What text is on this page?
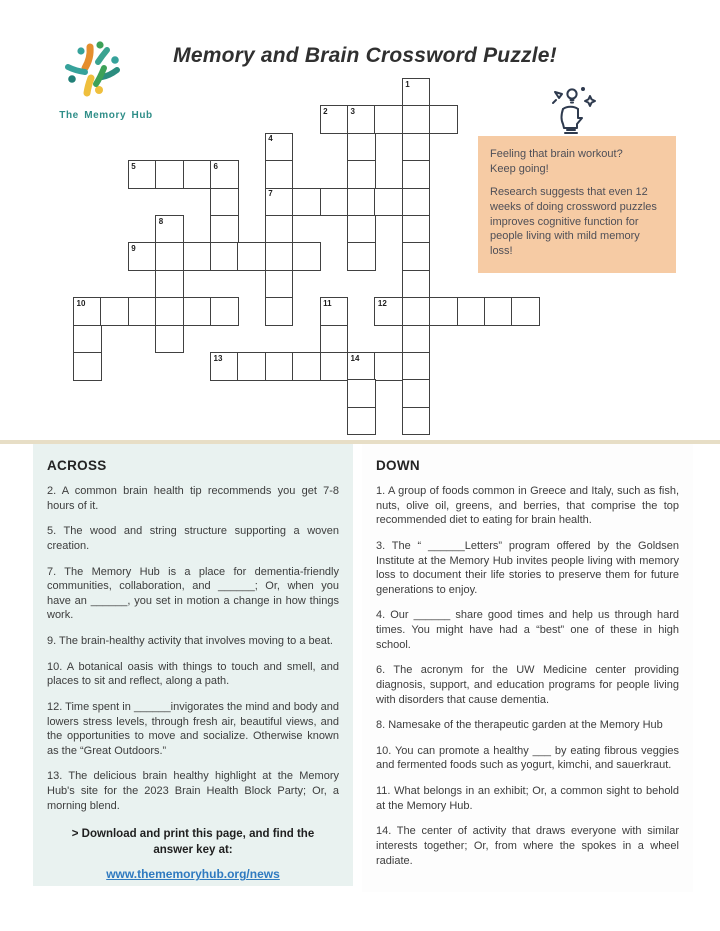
The Memory Hub
Memory and Brain Crossword Puzzle!
1
2	3
4
5	6
7
8
9
10	11	12
13	14

Feeling that brain workout?

Keep going!

Research suggests that even 12 weeks of doing crossword puzzles improves cognitive function for people living with mild memory loss!

ACROSS

2. A common brain health tip recommends you get 7-8 hours of it.

5. The wood and string structure supporting a woven creation.

7. The Memory Hub is a place for dementia-friendly communities, collaboration, and ______; Or, when you have an ______, you set in motion a change in how things work.

9. The brain-healthy activity that involves moving to a beat.

10. A botanical oasis with things to touch and smell, and places to sit and reflect, along a path.

12. Time spent in ______invigorates the mind and body and lowers stress levels, through fresh air, beautiful views, and the opportunities to move and socialize. Otherwise known as the “Great Outdoors.”

13. The delicious brain healthy highlight at the Memory Hub's site for the 2023 Brain Health Block Party; Or, a morning blend.

> Download and print this page, and find the
answer key at:
www.thememoryhub.org/news
DOWN

1. A group of foods common in Greece and Italy, such as fish, nuts, olive oil, greens, and berries, that comprise the top recommended diet to eating for brain health.

3. The “ ______Letters” program offered by the Goldsen Institute at the Memory Hub invites people living with memory loss to document their life stories to preserve them for future generations to enjoy.

4. Our ______ share good times and help us through hard times. You might have had a “best” one of these in high school.

6. The acronym for the UW Medicine center providing diagnosis, support, and education programs for people living with disorders that cause dementia.

8. Namesake of the therapeutic garden at the Memory Hub

10. You can promote a healthy ___ by eating fibrous veggies and fermented foods such as yogurt, kimchi, and sauerkraut.

11. What belongs in an exhibit; Or, a common sight to behold at the Memory Hub.

14. The center of activity that draws everyone with similar interests together; Or, from where the spokes in a wheel radiate.
